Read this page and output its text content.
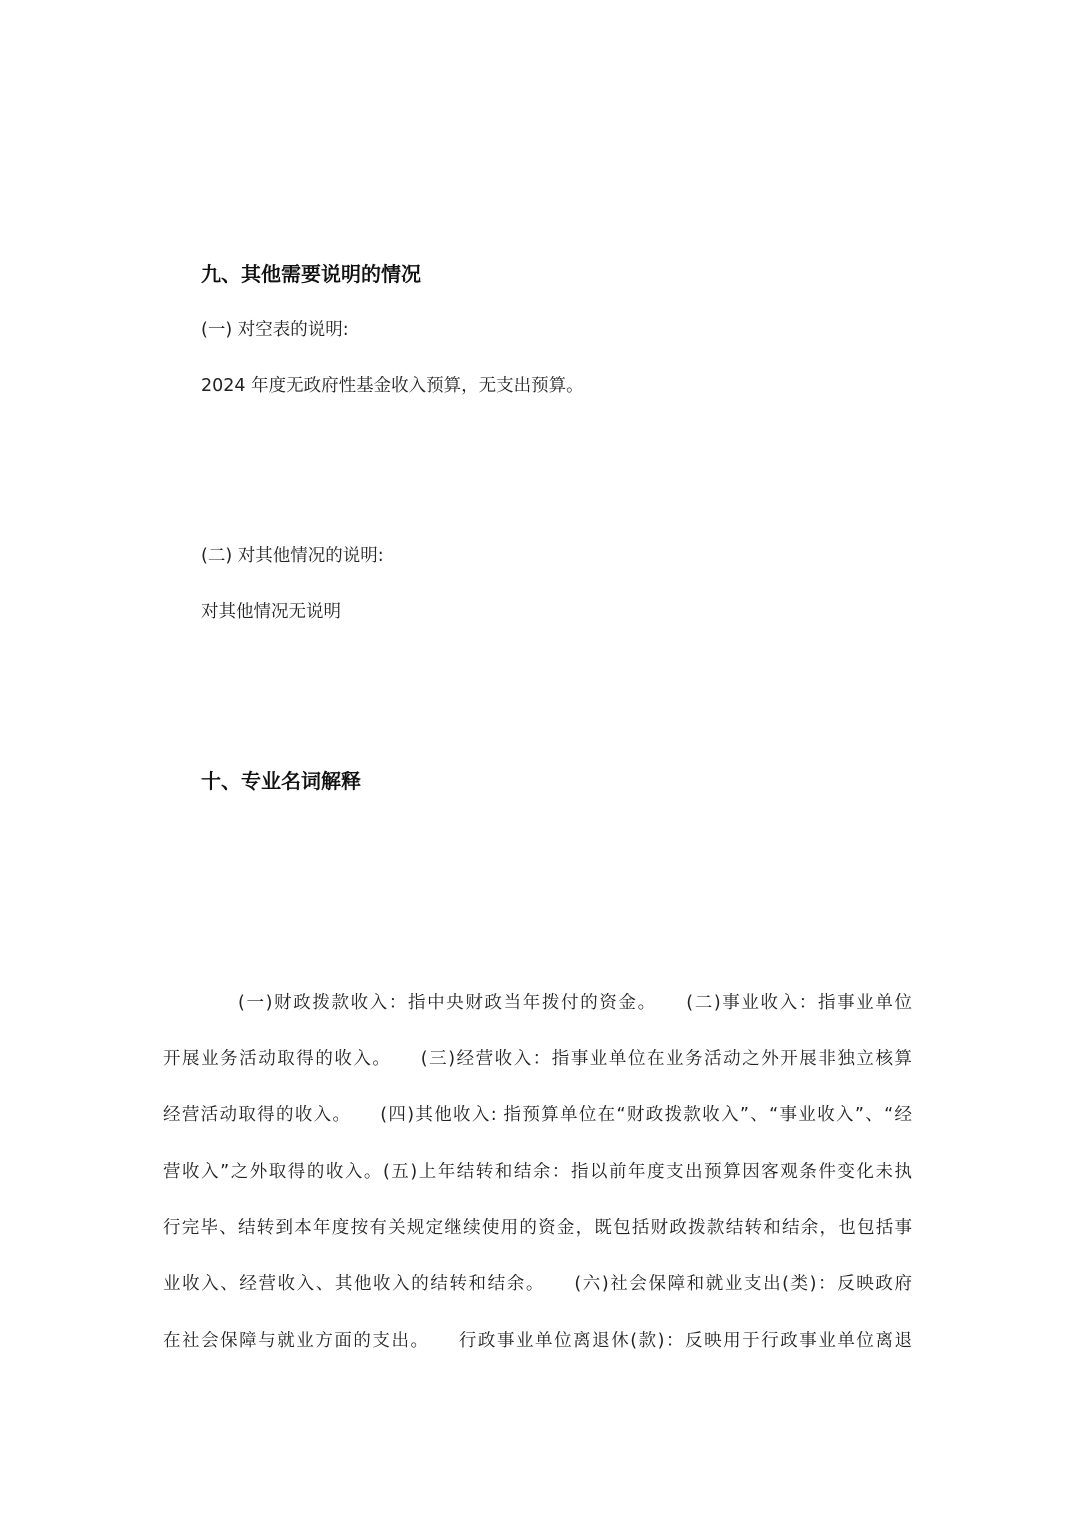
九、其他需要说明的情况
(一) 对空表的说明:
2024 年度无政府性基金收入预算，无支出预算。
(二) 对其他情况的说明:
对其他情况无说明
十、专业名词解释
(一)财政拨款收入：指中央财政当年拨付的资金。　　(二)事业收入：指事业单位
开展业务活动取得的收入。　　(三)经营收入：指事业单位在业务活动之外开展非独立核算
经营活动取得的收入。　　(四)其他收入: 指预算单位在“财政拨款收入”、“事业收入”、“经
营收入”之外取得的收入。(五)上年结转和结余：指以前年度支出预算因客观条件变化未执
行完毕、结转到本年度按有关规定继续使用的资金，既包括财政拨款结转和结余，也包括事
业收入、经营收入、其他收入的结转和结余。　　(六)社会保障和就业支出(类)：反映政府
在社会保障与就业方面的支出。　　行政事业单位离退休(款)：反映用于行政事业单位离退
